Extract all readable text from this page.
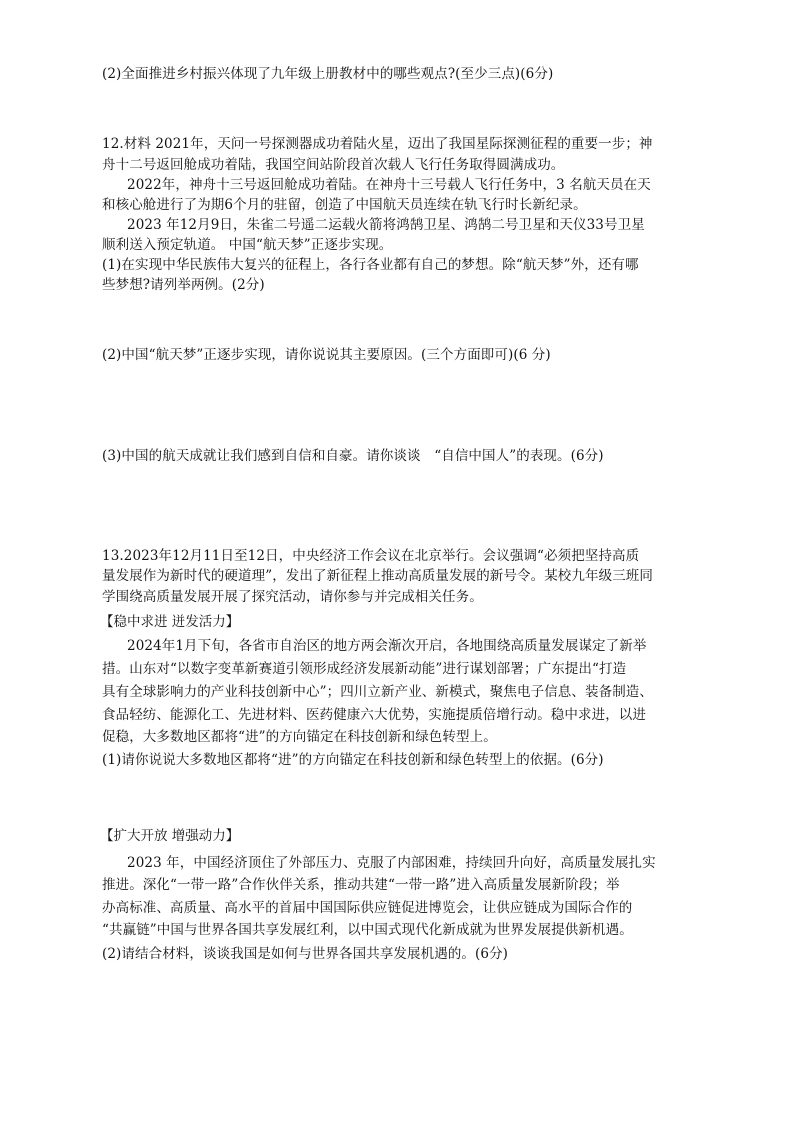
(2)全面推进乡村振兴体现了九年级上册教材中的哪些观点?(至少三点)(6分)
12.材料 2021年，天问一号探测器成功着陆火星，迈出了我国星际探测征程的重要一步；神
舟十二号返回舱成功着陆，我国空间站阶段首次载人飞行任务取得圆满成功。
2022年，神舟十三号返回舱成功着陆。在神舟十三号载人飞行任务中，3 名航天员在天
和核心舱进行了为期6个月的驻留，创造了中国航天员连续在轨飞行时长新纪录。
2023 年12月9日，朱雀二号遥二运载火箭将鸿鹄卫星、鸿鹄二号卫星和天仪33号卫星
顺利送入预定轨道。 中国“航天梦”正逐步实现。
(1)在实现中华民族伟大复兴的征程上，各行各业都有自己的梦想。除“航天梦”外，还有哪
些梦想?请列举两例。(2分)
(2)中国“航天梦”正逐步实现，请你说说其主要原因。(三个方面即可)(6 分)
(3)中国的航天成就让我们感到自信和自豪。请你谈谈　“自信中国人”的表现。(6分)
13.2023年12月11日至12日，中央经济工作会议在北京举行。会议强调“必须把坚持高质
量发展作为新时代的硬道理”，发出了新征程上推动高质量发展的新号令。某校九年级三班同
学围绕高质量发展开展了探究活动，请你参与并完成相关任务。
【稳中求进 迸发活力】
2024年1月下旬，各省市自治区的地方两会渐次开启，各地围绕高质量发展谋定了新举
措。山东对“以数字变革新赛道引领形成经济发展新动能”进行谋划部署；广东提出“打造
具有全球影响力的产业科技创新中心”；四川立新产业、新模式，聚焦电子信息、装备制造、
食品轻纺、能源化工、先进材料、医药健康六大优势，实施提质倍增行动。稳中求进，以进
促稳，大多数地区都将“进”的方向锚定在科技创新和绿色转型上。
(1)请你说说大多数地区都将“进”的方向锚定在科技创新和绿色转型上的依据。(6分)
【扩大开放 增强动力】
2023 年，中国经济顶住了外部压力、克服了内部困难，持续回升向好，高质量发展扎实
推进。深化“一带一路”合作伙伴关系，推动共建“一带一路”进入高质量发展新阶段；举
办高标准、高质量、高水平的首届中国国际供应链促进博览会，让供应链成为国际合作的
“共赢链”中国与世界各国共享发展红利，以中国式现代化新成就为世界发展提供新机遇。
(2)请结合材料，谈谈我国是如何与世界各国共享发展机遇的。(6分)
